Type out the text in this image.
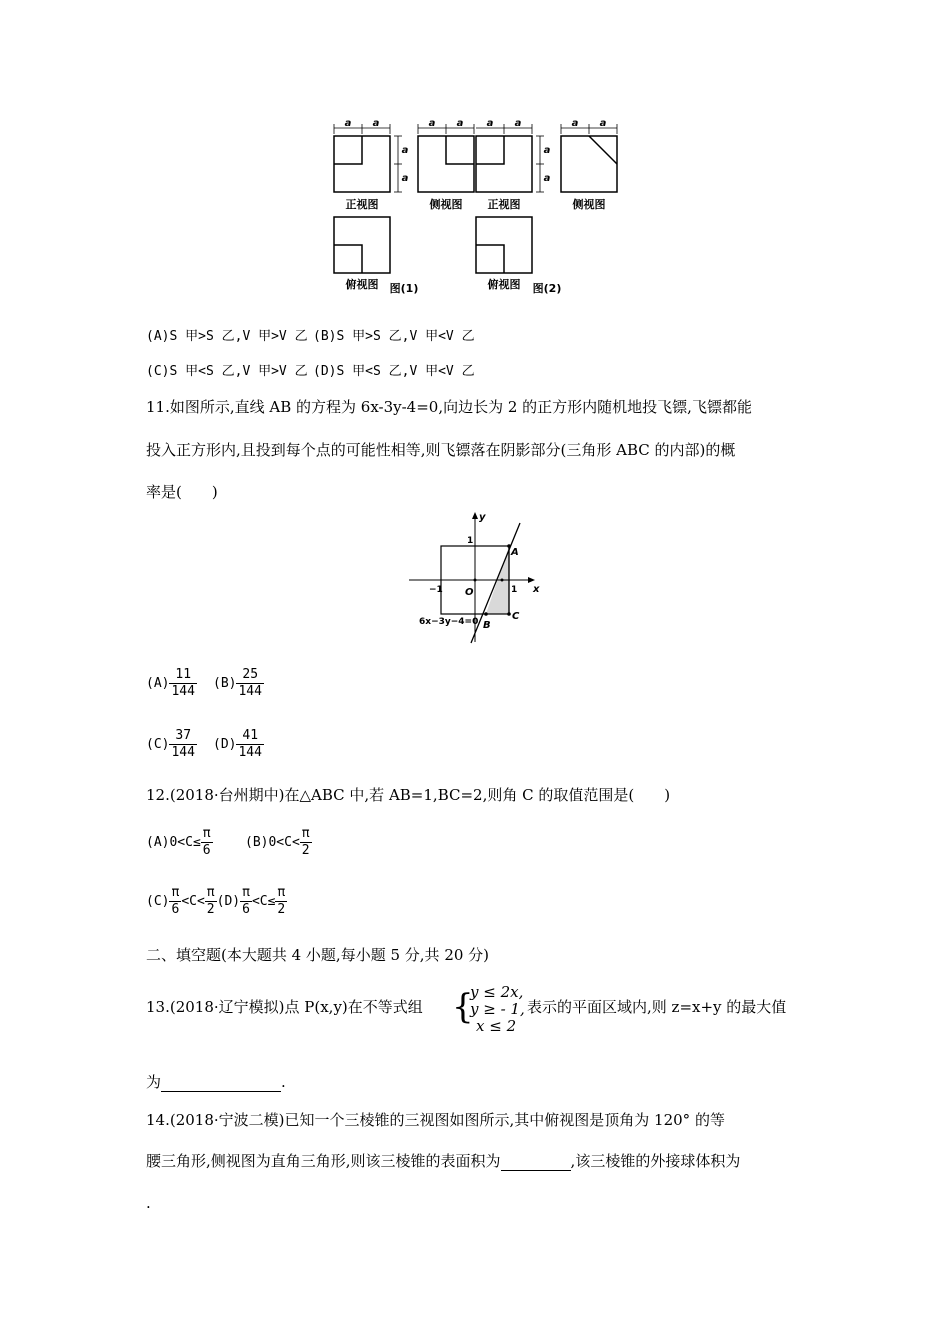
a a	a a a a	a a
a
a
a
a
正视图	侧视图 正视图	侧视图
俯视图 图(1)	俯视图 图(2)
(A)S 甲>S 乙,V 甲>V 乙 (B)S 甲>S 乙,V 甲<V 乙
(C)S 甲<S 乙,V 甲>V 乙 (D)S 甲<S 乙,V 甲<V 乙
11.如图所示,直线 AB 的方程为 6x-3y-4=0,向边长为 2 的正方形内随机地投飞镖,飞镖都能
投入正方形内,且投到每个点的可能性相等,则飞镖落在阴影部分(三角形 ABC 的内部)的概
率是(　　)
y
x
A
B
C
O
1
1
−1
6x−3y−4=0
$(A) \frac{11}{144} (B) \frac{25}{144}$
$(C) \frac{37}{144} (D) \frac{41}{144}$
12.(2018·台州期中)在△ABC 中,若 AB=1,BC=2,则角 C 的取值范围是(　　)
$(A)0<C\le \frac{\pi}{6} (B)0<C< \frac{\pi}{2}$
$(C) \frac{\pi}{6} <C< \frac{\pi}{2} (D) \frac{\pi}{6} <C\le \frac{\pi}{2}$
二、填空题(本大题共 4 小题,每小题 5 分,共 20 分)
13.(2018·辽宁模拟)点 P(x,y)在不等式组 {
y ≤ 2x,
y ≥ - 1,
x ≤ 2
表示的平面区域内,则 z=x+y 的最大值
为	.
14.(2018·宁波二模)已知一个三棱锥的三视图如图所示,其中俯视图是顶角为 120° 的等
腰三角形,侧视图为直角三角形,则该三棱锥的表面积为	,该三棱锥的外接球体积为
.
